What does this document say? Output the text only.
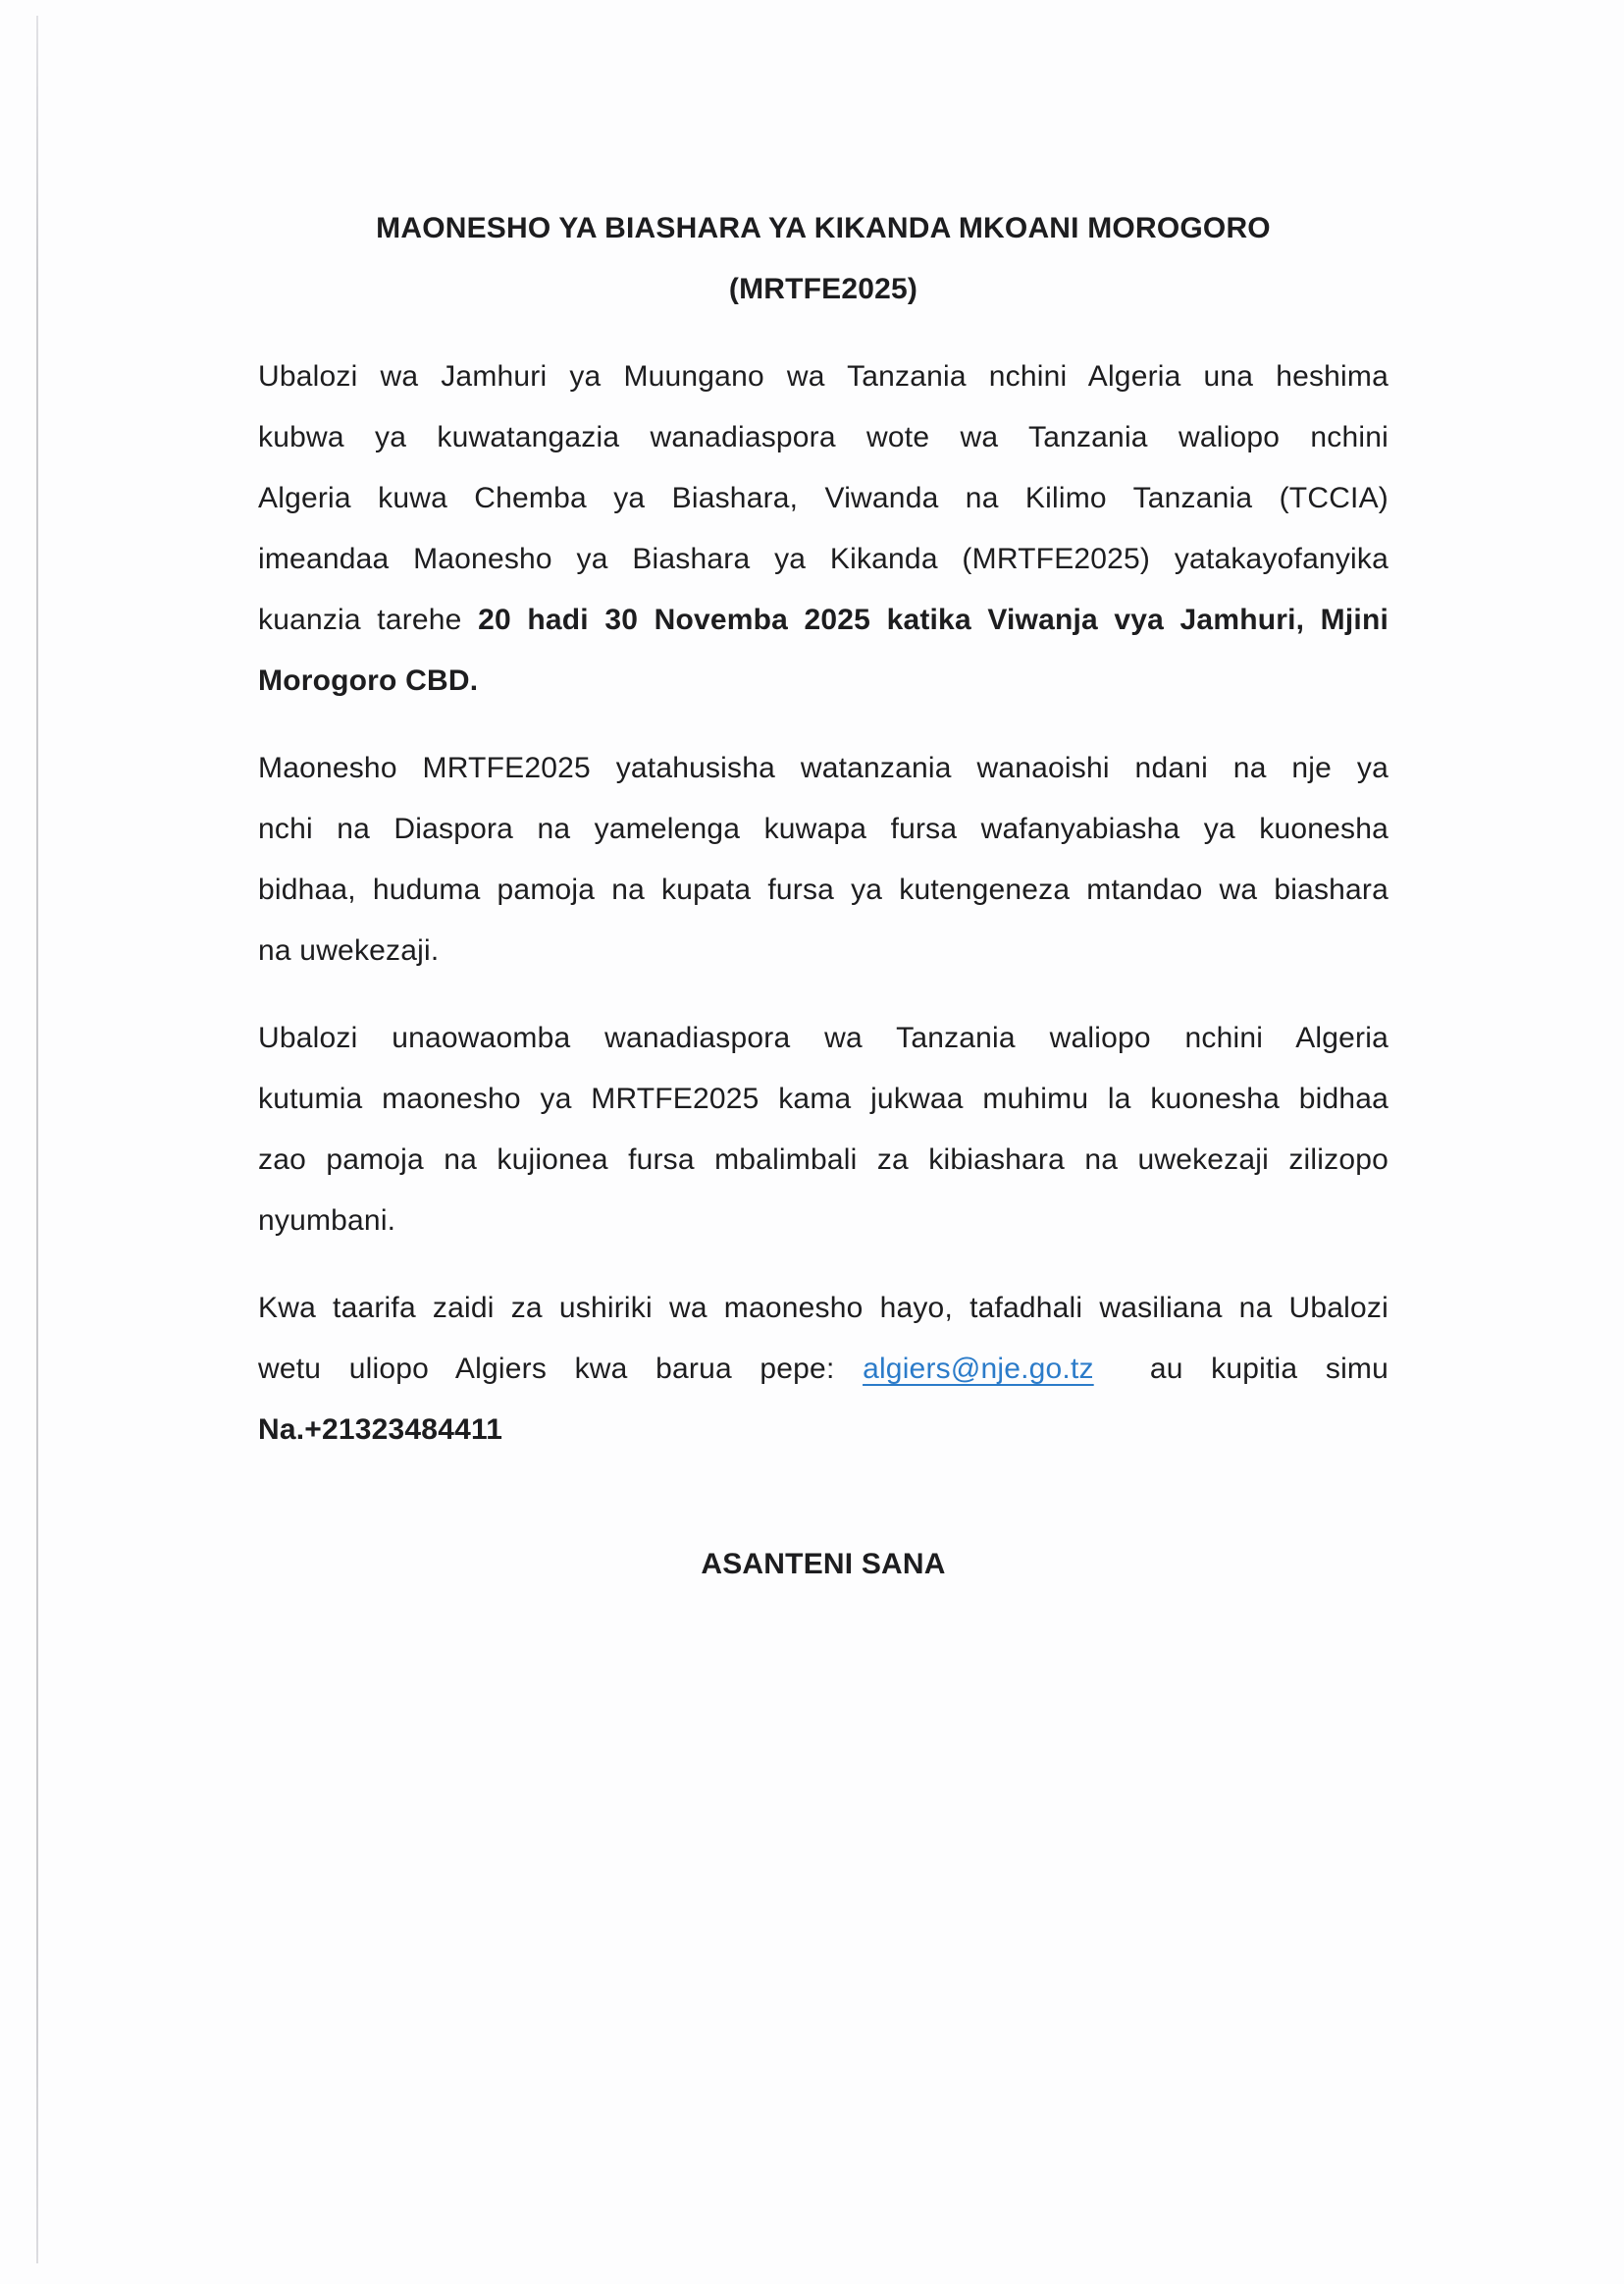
MAONESHO YA BIASHARA YA KIKANDA MKOANI MOROGORO
(MRTFE2025)
Ubalozi wa Jamhuri ya Muungano wa Tanzania nchini Algeria una heshima
kubwa ya kuwatangazia wanadiaspora wote wa Tanzania waliopo nchini
Algeria kuwa Chemba ya Biashara, Viwanda na Kilimo Tanzania (TCCIA)
imeandaa Maonesho ya Biashara ya Kikanda (MRTFE2025) yatakayofanyika
kuanzia tarehe 20 hadi 30 Novemba 2025 katika Viwanja vya Jamhuri, Mjini
Morogoro CBD.
Maonesho MRTFE2025 yatahusisha watanzania wanaoishi ndani na nje ya
nchi na Diaspora na yamelenga kuwapa fursa wafanyabiasha ya kuonesha
bidhaa, huduma pamoja na kupata fursa ya kutengeneza mtandao wa biashara
na uwekezaji.
Ubalozi unaowaomba wanadiaspora wa Tanzania waliopo nchini Algeria
kutumia maonesho ya MRTFE2025 kama jukwaa muhimu la kuonesha bidhaa
zao pamoja na kujionea fursa mbalimbali za kibiashara na uwekezaji zilizopo
nyumbani.
Kwa taarifa zaidi za ushiriki wa maonesho hayo, tafadhali wasiliana na Ubalozi
wetu uliopo Algiers kwa barua pepe: algiers@nje.go.tz  au kupitia simu
Na.+21323484411
ASANTENI SANA
